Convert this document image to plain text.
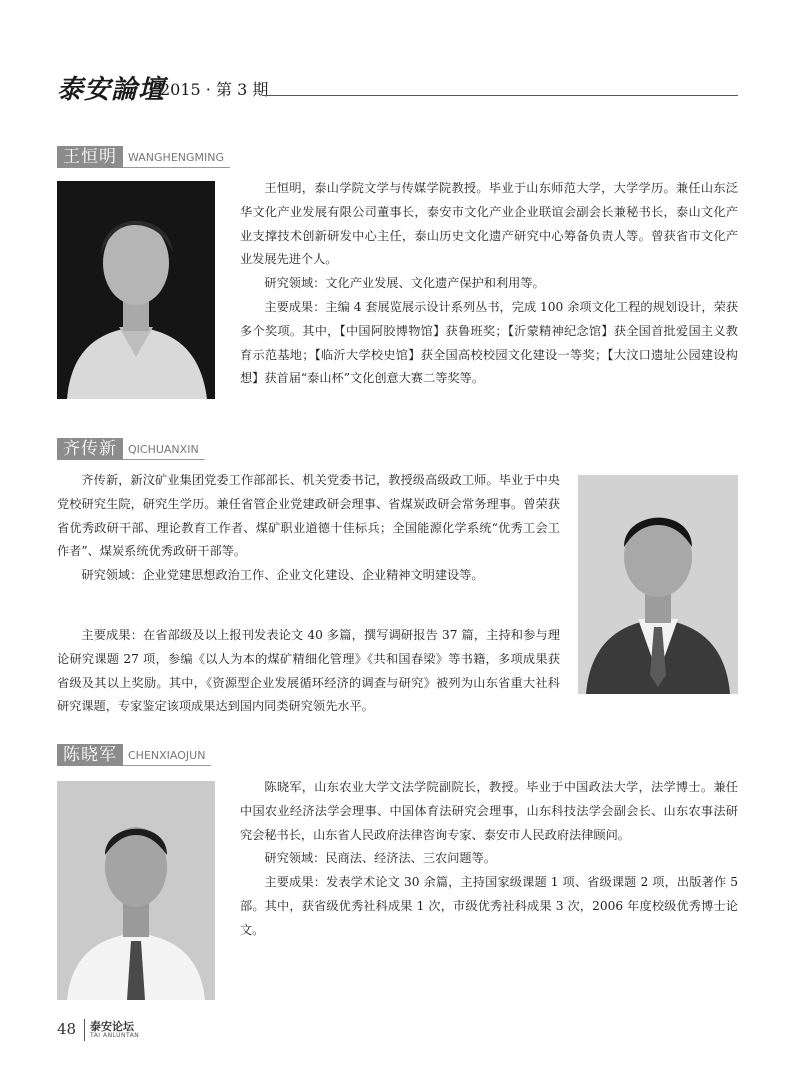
泰安論壇
2015 · 第 3 期
王恒明	WANGHENGMING

王恒明，泰山学院文学与传媒学院教授。毕业于山东师范大学，大学学历。兼任山东泛华文化产业发展有限公司董事长，泰安市文化产业企业联谊会副会长兼秘书长，泰山文化产业支撑技术创新研发中心主任，泰山历史文化遗产研究中心筹备负责人等。曾获省市文化产业发展先进个人。

研究领域：文化产业发展、文化遗产保护和利用等。

主要成果：主编 4 套展览展示设计系列丛书，完成 100 余项文化工程的规划设计，荣获多个奖项。其中，【中国阿胶博物馆】获鲁班奖；【沂蒙精神纪念馆】获全国首批爱国主义教育示范基地；【临沂大学校史馆】获全国高校校园文化建设一等奖；【大汶口遗址公园建设构想】获首届“泰山杯”文化创意大赛二等奖等。

齐传新	QICHUANXIN

齐传新，新汶矿业集团党委工作部部长、机关党委书记，教授级高级政工师。毕业于中央党校研究生院，研究生学历。兼任省管企业党建政研会理事、省煤炭政研会常务理事。曾荣获省优秀政研干部、理论教育工作者、煤矿职业道德十佳标兵；全国能源化学系统“优秀工会工作者”、煤炭系统优秀政研干部等。

研究领域：企业党建思想政治工作、企业文化建设、企业精神文明建设等。

主要成果：在省部级及以上报刊发表论文 40 多篇，撰写调研报告 37 篇，主持和参与理论研究课题 27 项，参编《以人为本的煤矿精细化管理》《共和国春梁》等书籍，多项成果获省级及其以上奖励。其中，《资源型企业发展循环经济的调查与研究》被列为山东省重大社科研究课题，专家鉴定该项成果达到国内同类研究领先水平。

陈晓军	CHENXIAOJUN

陈晓军，山东农业大学文法学院副院长，教授。毕业于中国政法大学，法学博士。兼任中国农业经济法学会理事、中国体育法研究会理事，山东科技法学会副会长、山东农事法研究会秘书长，山东省人民政府法律咨询专家、泰安市人民政府法律顾问。

研究领域：民商法、经济法、三农问题等。

主要成果：发表学术论文 30 余篇，主持国家级课题 1 项、省级课题 2 项，出版著作 5 部。其中，获省级优秀社科成果 1 次，市级优秀社科成果 3 次，2006 年度校级优秀博士论文。

48 泰安论坛
TAI ANLUNTAN
